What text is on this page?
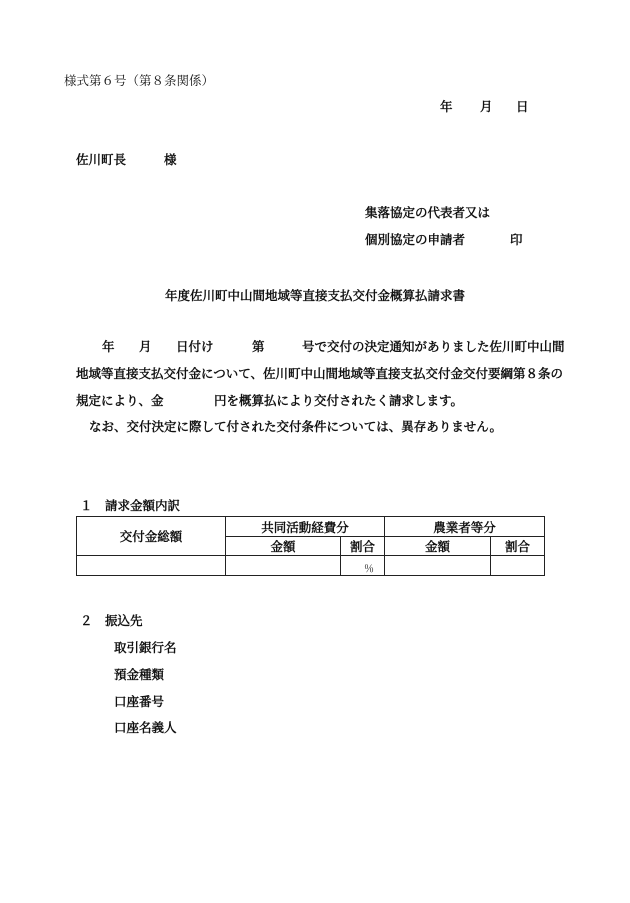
様式第６号（第８条関係）
年 月 日
佐川町長	様
集落協定の代表者又は
個別協定の申請者	印
年度佐川町中山間地域等直接支払交付金概算払請求書
年 月 日付け	第	号で交付の決定通知がありました佐川町中山間
地域等直接支払交付金について、佐川町中山間地域等直接支払交付金交付要綱第８条の
規定により、金	円を概算払により交付されたく請求します。
なお、交付決定に際して付された交付条件については、異存ありません。
１　請求金額内訳
交付金総額	共同活動経費分		農業者等分	
	金額	割合	金額	割合
		％		
２　振込先
取引銀行名
預金種類
口座番号
口座名義人
